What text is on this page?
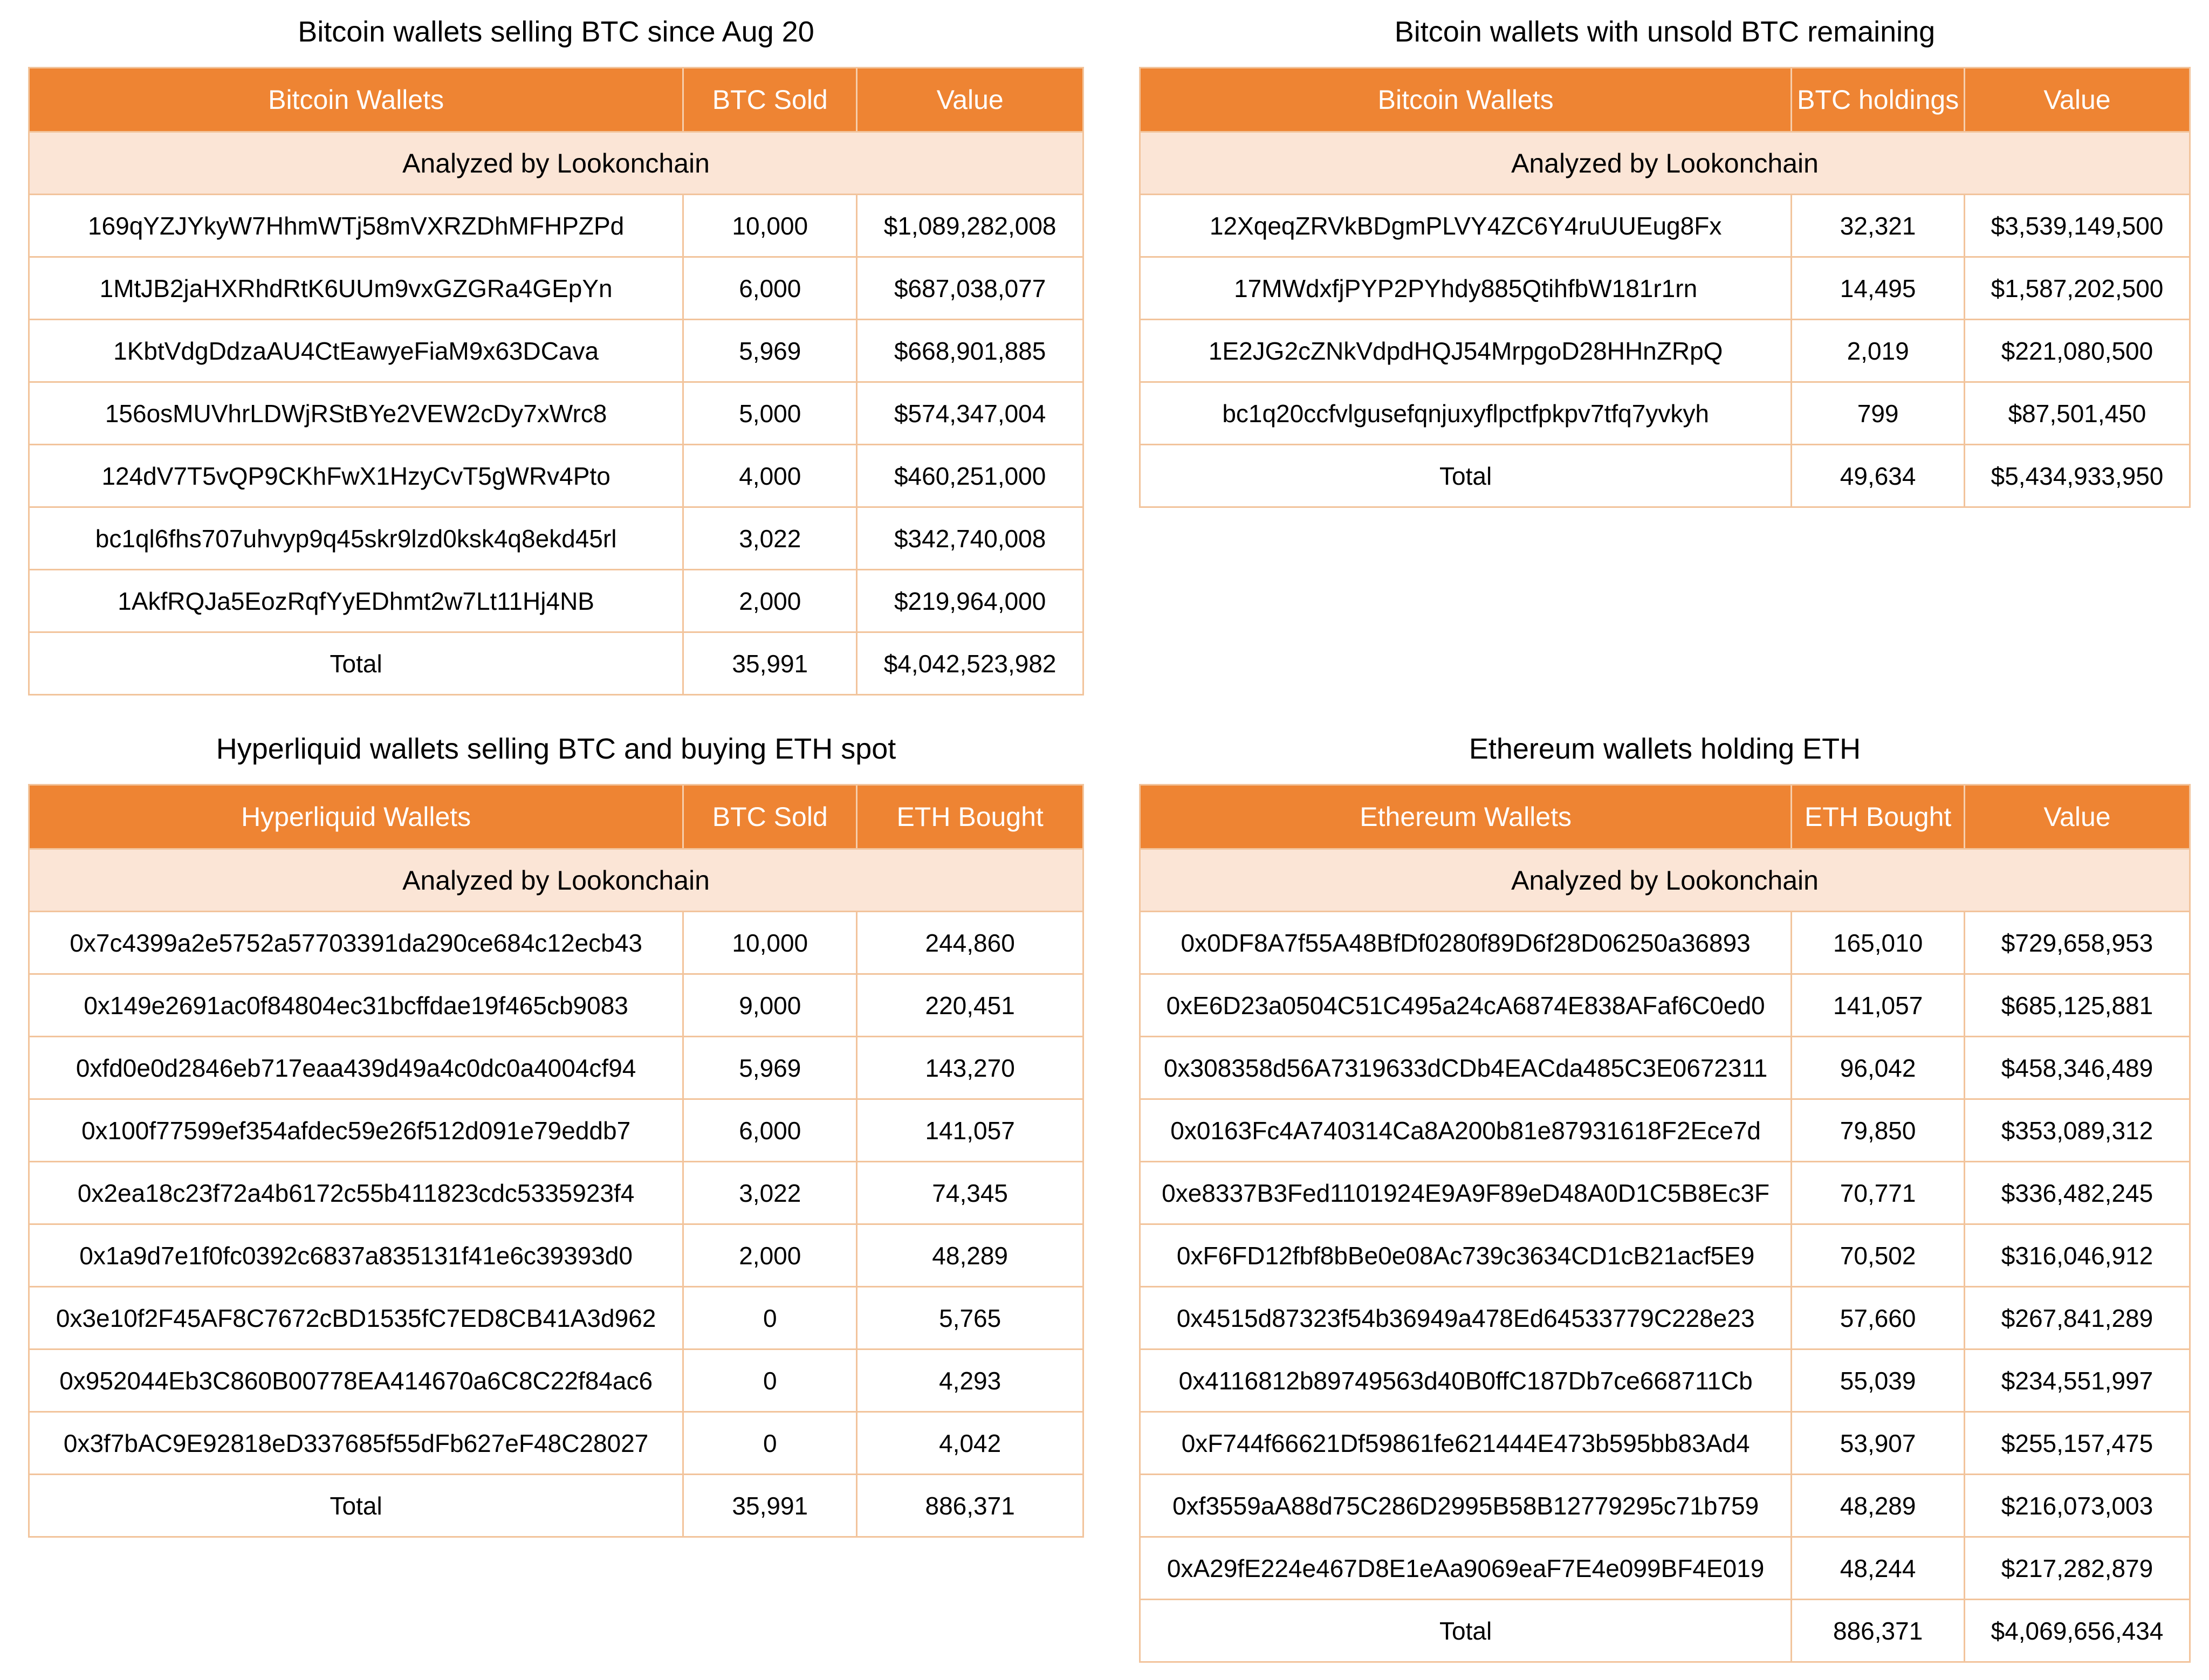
Bitcoin wallets selling BTC since Aug 20
Bitcoin Wallets	BTC Sold	Value
Analyzed by Lookonchain
169qYZJYkyW7HhmWTj58mVXRZDhMFHPZPd	10,000	$1,089,282,008
1MtJB2jaHXRhdRtK6UUm9vxGZGRa4GEpYn	6,000	$687,038,077
1KbtVdgDdzaAU4CtEawyeFiaM9x63DCava	5,969	$668,901,885
156osMUVhrLDWjRStBYe2VEW2cDy7xWrc8	5,000	$574,347,004
124dV7T5vQP9CKhFwX1HzyCvT5gWRv4Pto	4,000	$460,251,000
bc1ql6fhs707uhvyp9q45skr9lzd0ksk4q8ekd45rl	3,022	$342,740,008
1AkfRQJa5EozRqfYyEDhmt2w7Lt11Hj4NB	2,000	$219,964,000
Total	35,991	$4,042,523,982
Bitcoin wallets with unsold BTC remaining
Bitcoin Wallets	BTC holdings	Value
Analyzed by Lookonchain
12XqeqZRVkBDgmPLVY4ZC6Y4ruUUEug8Fx	32,321	$3,539,149,500
17MWdxfjPYP2PYhdy885QtihfbW181r1rn	14,495	$1,587,202,500
1E2JG2cZNkVdpdHQJ54MrpgoD28HHnZRpQ	2,019	$221,080,500
bc1q20ccfvlgusefqnjuxyflpctfpkpv7tfq7yvkyh	799	$87,501,450
Total	49,634	$5,434,933,950
Hyperliquid wallets selling BTC and buying ETH spot
Hyperliquid Wallets	BTC Sold	ETH Bought
Analyzed by Lookonchain
0x7c4399a2e5752a57703391da290ce684c12ecb43	10,000	244,860
0x149e2691ac0f84804ec31bcffdae19f465cb9083	9,000	220,451
0xfd0e0d2846eb717eaa439d49a4c0dc0a4004cf94	5,969	143,270
0x100f77599ef354afdec59e26f512d091e79eddb7	6,000	141,057
0x2ea18c23f72a4b6172c55b411823cdc5335923f4	3,022	74,345
0x1a9d7e1f0fc0392c6837a835131f41e6c39393d0	2,000	48,289
0x3e10f2F45AF8C7672cBD1535fC7ED8CB41A3d962	0	5,765
0x952044Eb3C860B00778EA414670a6C8C22f84ac6	0	4,293
0x3f7bAC9E92818eD337685f55dFb627eF48C28027	0	4,042
Total	35,991	886,371
Ethereum wallets holding ETH
Ethereum Wallets	ETH Bought	Value
Analyzed by Lookonchain
0x0DF8A7f55A48BfDf0280f89D6f28D06250a36893	165,010	$729,658,953
0xE6D23a0504C51C495a24cA6874E838AFaf6C0ed0	141,057	$685,125,881
0x308358d56A7319633dCDb4EACda485C3E0672311	96,042	$458,346,489
0x0163Fc4A740314Ca8A200b81e87931618F2Ece7d	79,850	$353,089,312
0xe8337B3Fed1101924E9A9F89eD48A0D1C5B8Ec3F	70,771	$336,482,245
0xF6FD12fbf8bBe0e08Ac739c3634CD1cB21acf5E9	70,502	$316,046,912
0x4515d87323f54b36949a478Ed64533779C228e23	57,660	$267,841,289
0x4116812b89749563d40B0ffC187Db7ce668711Cb	55,039	$234,551,997
0xF744f66621Df59861fe621444E473b595bb83Ad4	53,907	$255,157,475
0xf3559aA88d75C286D2995B58B12779295c71b759	48,289	$216,073,003
0xA29fE224e467D8E1eAa9069eaF7E4e099BF4E019	48,244	$217,282,879
Total	886,371	$4,069,656,434
